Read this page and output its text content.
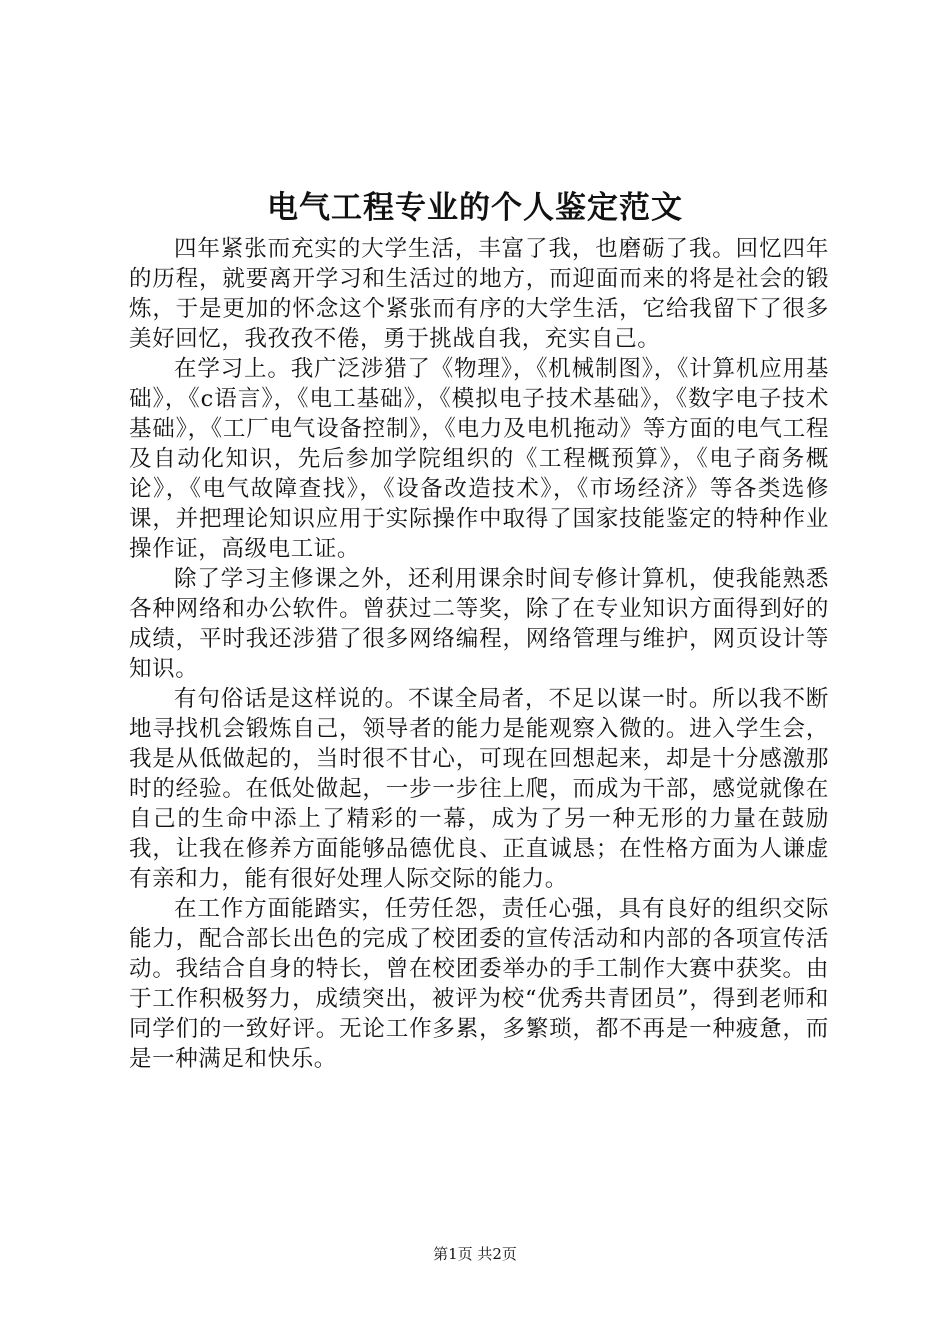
电气工程专业的个人鉴定范文

四年紧张而充实的大学生活，丰富了我，也磨砺了我。回忆四年的历程，就要离开学习和生活过的地方，而迎面而来的将是社会的锻炼，于是更加的怀念这个紧张而有序的大学生活，它给我留下了很多美好回忆，我孜孜不倦，勇于挑战自我，充实自己。

在学习上。我广泛涉猎了《物理》，《机械制图》，《计算机应用基础》，《c语言》，《电工基础》，《模拟电子技术基础》，《数字电子技术基础》，《工厂电气设备控制》，《电力及电机拖动》等方面的电气工程及自动化知识，先后参加学院组织的《工程概预算》，《电子商务概论》，《电气故障查找》，《设备改造技术》，《市场经济》等各类选修课，并把理论知识应用于实际操作中取得了国家技能鉴定的特种作业操作证，高级电工证。

除了学习主修课之外，还利用课余时间专修计算机，使我能熟悉各种网络和办公软件。曾获过二等奖，除了在专业知识方面得到好的成绩，平时我还涉猎了很多网络编程，网络管理与维护，网页设计等知识。

有句俗话是这样说的。不谋全局者，不足以谋一时。所以我不断地寻找机会锻炼自己，领导者的能力是能观察入微的。进入学生会，我是从低做起的，当时很不甘心，可现在回想起来，却是十分感激那时的经验。在低处做起，一步一步往上爬，而成为干部，感觉就像在自己的生命中添上了精彩的一幕，成为了另一种无形的力量在鼓励我，让我在修养方面能够品德优良、正直诚恳；在性格方面为人谦虚有亲和力，能有很好处理人际交际的能力。

在工作方面能踏实，任劳任怨，责任心强，具有良好的组织交际能力，配合部长出色的完成了校团委的宣传活动和内部的各项宣传活动。我结合自身的特长，曾在校团委举办的手工制作大赛中获奖。由于工作积极努力，成绩突出，被评为校“优秀共青团员”，得到老师和同学们的一致好评。无论工作多累，多繁琐，都不再是一种疲惫，而是一种满足和快乐。

第1页 共2页
